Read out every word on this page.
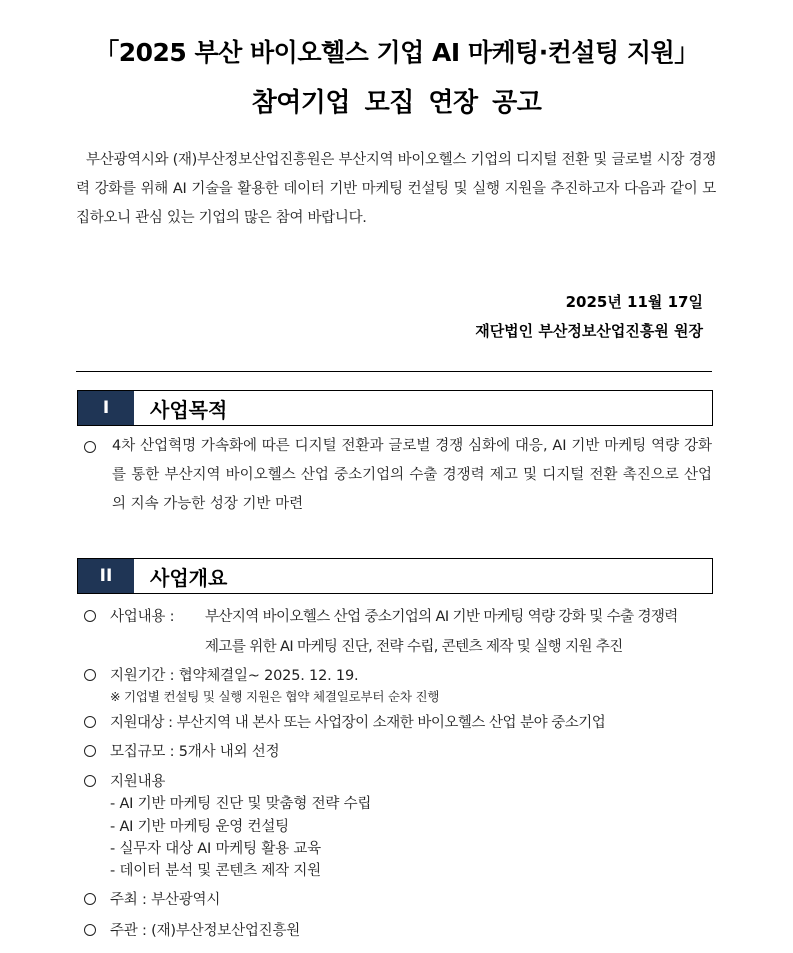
「2025 부산 바이오헬스 기업 AI 마케팅·컨설팅 지원」
참여기업 모집 연장 공고
부산광역시와 (재)부산정보산업진흥원은 부산지역 바이오헬스 기업의 디지털 전환 및 글로벌 시장 경쟁력 강화를 위해 AI 기술을 활용한 데이터 기반 마케팅 컨설팅 및 실행 지원을 추진하고자 다음과 같이 모집하오니 관심 있는 기업의 많은 참여 바랍니다.
2025년 11월 17일
재단법인 부산정보산업진흥원 원장
I	사업목적
4차 산업혁명 가속화에 따른 디지털 전환과 글로벌 경쟁 심화에 대응, AI 기반 마케팅 역량 강화를 통한 부산지역 바이오헬스 산업 중소기업의 수출 경쟁력 제고 및 디지털 전환 촉진으로 산업의 지속 가능한 성장 기반 마련
II	사업개요
사업내용 : 부산지역 바이오헬스 산업 중소기업의 AI 기반 마케팅 역량 강화 및 수출 경쟁력
제고를 위한 AI 마케팅 진단, 전략 수립, 콘텐츠 제작 및 실행 지원 추진
지원기간 : 협약체결일~ 2025. 12. 19.
※ 기업별 컨설팅 및 실행 지원은 협약 체결일로부터 순차 진행
지원대상 : 부산지역 내 본사 또는 사업장이 소재한 바이오헬스 산업 분야 중소기업
모집규모 : 5개사 내외 선정
지원내용
- AI 기반 마케팅 진단 및 맞춤형 전략 수립
- AI 기반 마케팅 운영 컨설팅
- 실무자 대상 AI 마케팅 활용 교육
- 데이터 분석 및 콘텐츠 제작 지원
주최 : 부산광역시
주관 : (재)부산정보산업진흥원
